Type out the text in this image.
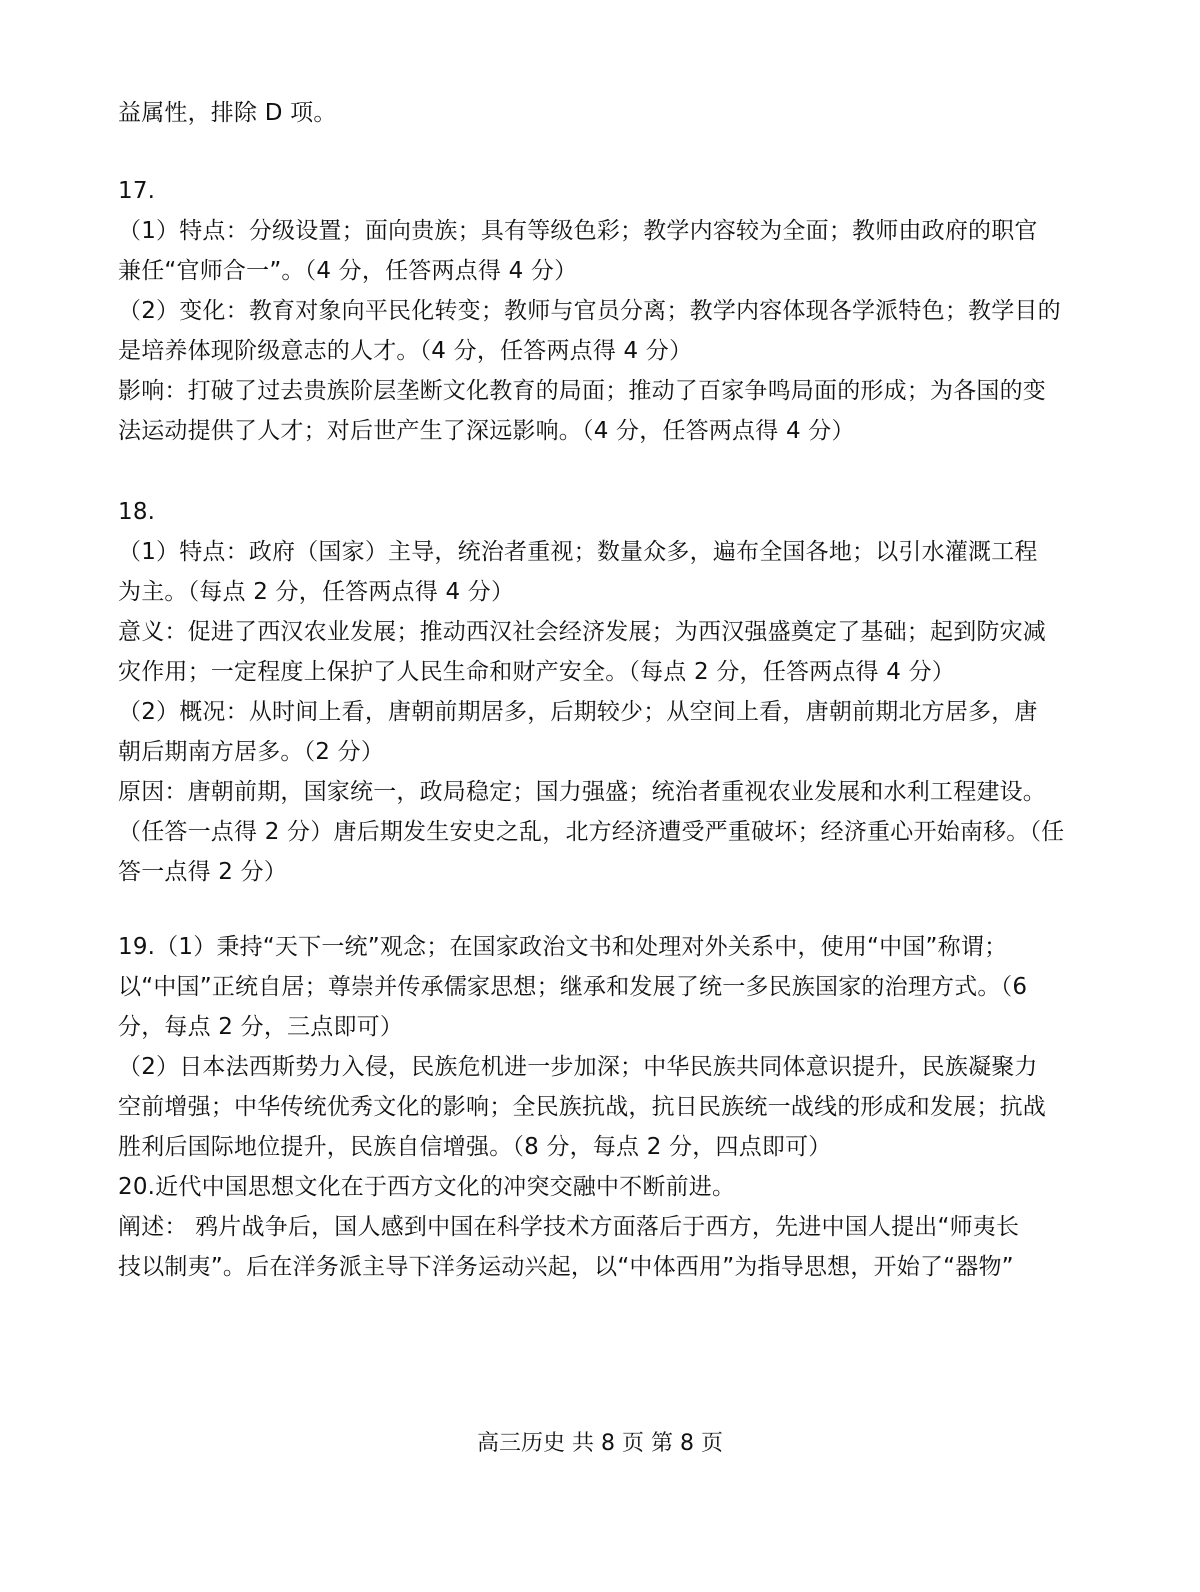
益属性，排除 D 项。
17.
（1）特点：分级设置；面向贵族；具有等级色彩；教学内容较为全面；教师由政府的职官
兼任“官师合一”。（4 分，任答两点得 4 分）
（2）变化：教育对象向平民化转变；教师与官员分离；教学内容体现各学派特色；教学目的
是培养体现阶级意志的人才。（4 分，任答两点得 4 分）
影响：打破了过去贵族阶层垄断文化教育的局面；推动了百家争鸣局面的形成；为各国的变
法运动提供了人才；对后世产生了深远影响。（4 分，任答两点得 4 分）
18.
（1）特点：政府（国家）主导，统治者重视；数量众多，遍布全国各地；以引水灌溉工程
为主。（每点 2 分，任答两点得 4 分）
意义：促进了西汉农业发展；推动西汉社会经济发展；为西汉强盛奠定了基础；起到防灾减
灾作用；一定程度上保护了人民生命和财产安全。（每点 2 分，任答两点得 4 分）
（2）概况：从时间上看，唐朝前期居多，后期较少；从空间上看，唐朝前期北方居多，唐
朝后期南方居多。（2 分）
原因：唐朝前期，国家统一，政局稳定；国力强盛；统治者重视农业发展和水利工程建设。
（任答一点得 2 分）唐后期发生安史之乱，北方经济遭受严重破坏；经济重心开始南移。（任
答一点得 2 分）
19.（1）秉持“天下一统”观念；在国家政治文书和处理对外关系中，使用“中国”称谓；
以“中国”正统自居；尊崇并传承儒家思想；继承和发展了统一多民族国家的治理方式。（6
分，每点 2 分，三点即可）
（2）日本法西斯势力入侵，民族危机进一步加深；中华民族共同体意识提升，民族凝聚力
空前增强；中华传统优秀文化的影响；全民族抗战，抗日民族统一战线的形成和发展；抗战
胜利后国际地位提升，民族自信增强。（8 分，每点 2 分，四点即可）
20.近代中国思想文化在于西方文化的冲突交融中不断前进。
阐述： 鸦片战争后，国人感到中国在科学技术方面落后于西方，先进中国人提出“师夷长
技以制夷”。后在洋务派主导下洋务运动兴起，以“中体西用”为指导思想，开始了“器物”
高三历史 共 8 页 第 8 页
